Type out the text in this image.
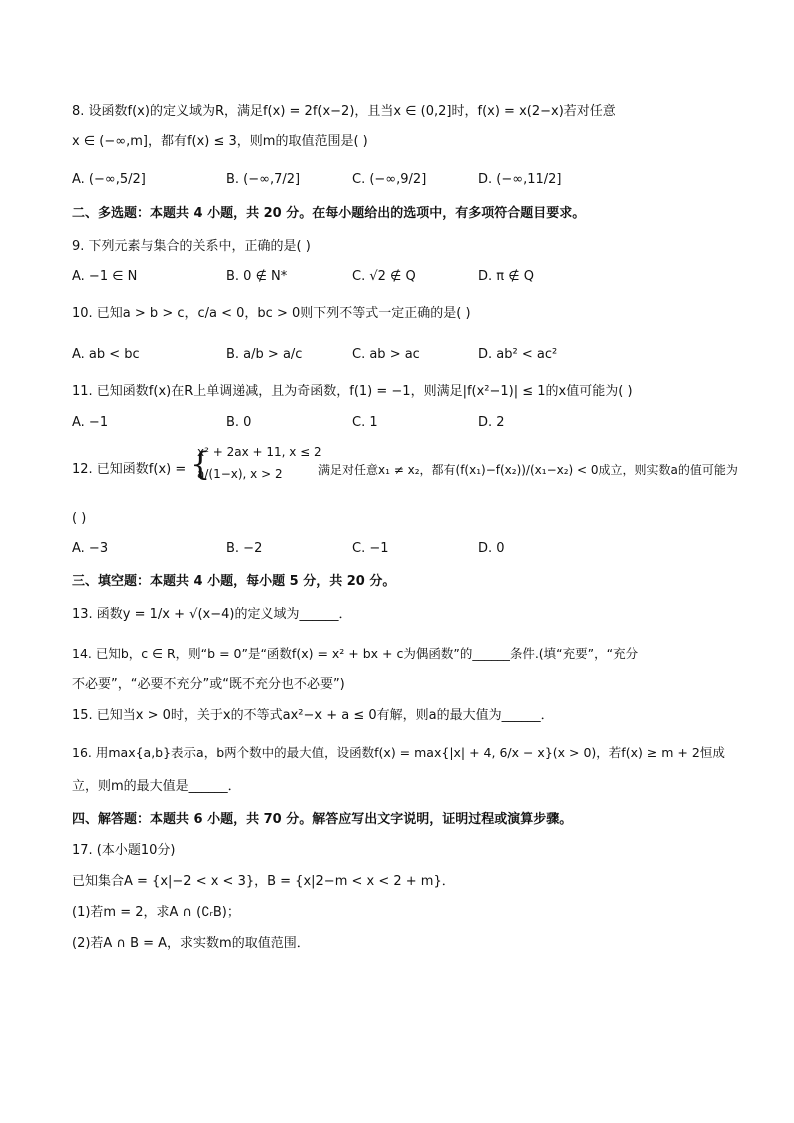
8. 设函数f(x)的定义域为R，满足f(x) = 2f(x−2)，且当x ∈ (0,2]时，f(x) = x(2−x)若对任意
x ∈ (−∞,m]，都有f(x) ≤ 3，则m的取值范围是( )
A. (−∞,5/2]	B. (−∞,7/2]	C. (−∞,9/2]	D. (−∞,11/2]
二、多选题：本题共 4 小题，共 20 分。在每小题给出的选项中，有多项符合题目要求。
9. 下列元素与集合的关系中，正确的是( )
A. −1 ∈ N	B. 0 ∉ N*	C. √2 ∉ Q	D. π ∉ Q
10. 已知a > b > c，c/a < 0，bc > 0则下列不等式一定正确的是( )
A. ab < bc	B. a/b > a/c	C. ab > ac	D. ab² < ac²
11. 已知函数f(x)在R上单调递减，且为奇函数，f(1) = −1，则满足|f(x²−1)| ≤ 1的x值可能为( )
A. −1	B. 0	C. 1	D. 2
12. 已知函数f(x) = {
x² + 2ax + 11, x ≤ 2
a/(1−x), x > 2	满足对任意x₁ ≠ x₂，都有(f(x₁)−f(x₂))/(x₁−x₂) < 0成立，则实数a的值可能为
( )
A. −3	B. −2	C. −1	D. 0
三、填空题：本题共 4 小题，每小题 5 分，共 20 分。
13. 函数y = 1/x + √(x−4)的定义域为______．
14. 已知b，c ∈ R，则“b = 0”是“函数f(x) = x² + bx + c为偶函数”的______条件.(填“充要”，“充分
不必要”，“必要不充分”或“既不充分也不必要”)
15. 已知当x > 0时，关于x的不等式ax²−x + a ≤ 0有解，则a的最大值为______．
16. 用max{a,b}表示a，b两个数中的最大值，设函数f(x) = max{|x| + 4, 6/x − x}(x > 0)，若f(x) ≥ m + 2恒成
立，则m的最大值是______．
四、解答题：本题共 6 小题，共 70 分。解答应写出文字说明，证明过程或演算步骤。
17. (本小题10分)
已知集合A = {x|−2 < x < 3}，B = {x|2−m < x < 2 + m}．
(1)若m = 2，求A ∩ (∁ᵣB)；
(2)若A ∩ B = A，求实数m的取值范围．
